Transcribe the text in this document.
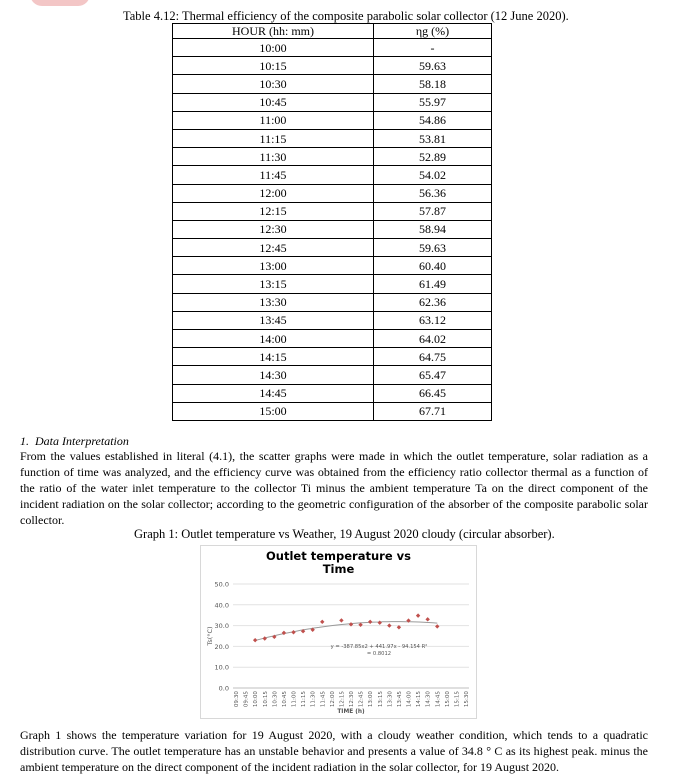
Table 4.12: Thermal efficiency of the composite parabolic solar collector (12 June 2020).
HOUR (hh: mm)	ηg (%)
10:00	-
10:15	59.63
10:30	58.18
10:45	55.97
11:00	54.86
11:15	53.81
11:30	52.89
11:45	54.02
12:00	56.36
12:15	57.87
12:30	58.94
12:45	59.63
13:00	60.40
13:15	61.49
13:30	62.36
13:45	63.12
14:00	64.02
14:15	64.75
14:30	65.47
14:45	66.45
15:00	67.71
1. Data Interpretation
From the values established in literal (4.1), the scatter graphs were made in which the outlet temperature, solar radiation as a function of time was analyzed, and the efficiency curve was obtained from the efficiency ratio collector thermal as a function of the ratio of the water inlet temperature to the collector Ti minus the ambient temperature Ta on the direct component of the incident radiation on the solar collector; according to the geometric configuration of the absorber of the composite parabolic solar collector.
Graph 1: Outlet temperature vs Weather, 19 August 2020 cloudy (circular absorber).
Outlet temperature vs
Time
0.0
10.0
20.0
30.0
40.0
50.0
09:30 09:45 10:00 10:15 10:30 10:45 11:00 11:15 11:30 11:45 12:00 12:15 12:30 12:45 13:00 13:15 13:30 13:45 14:00 14:15 14:30 14:45 15:00 15:15 15:30
Ts(°C)
TIME (h)
y = -387.85x2 + 441.97x - 94.154 R²
= 0.8012
Graph 1 shows the temperature variation for 19 August 2020, with a cloudy weather condition, which tends to a quadratic distribution curve. The outlet temperature has an unstable behavior and presents a value of 34.8 ° C as its highest peak. minus the ambient temperature on the direct component of the incident radiation in the solar collector, for 19 August 2020.
